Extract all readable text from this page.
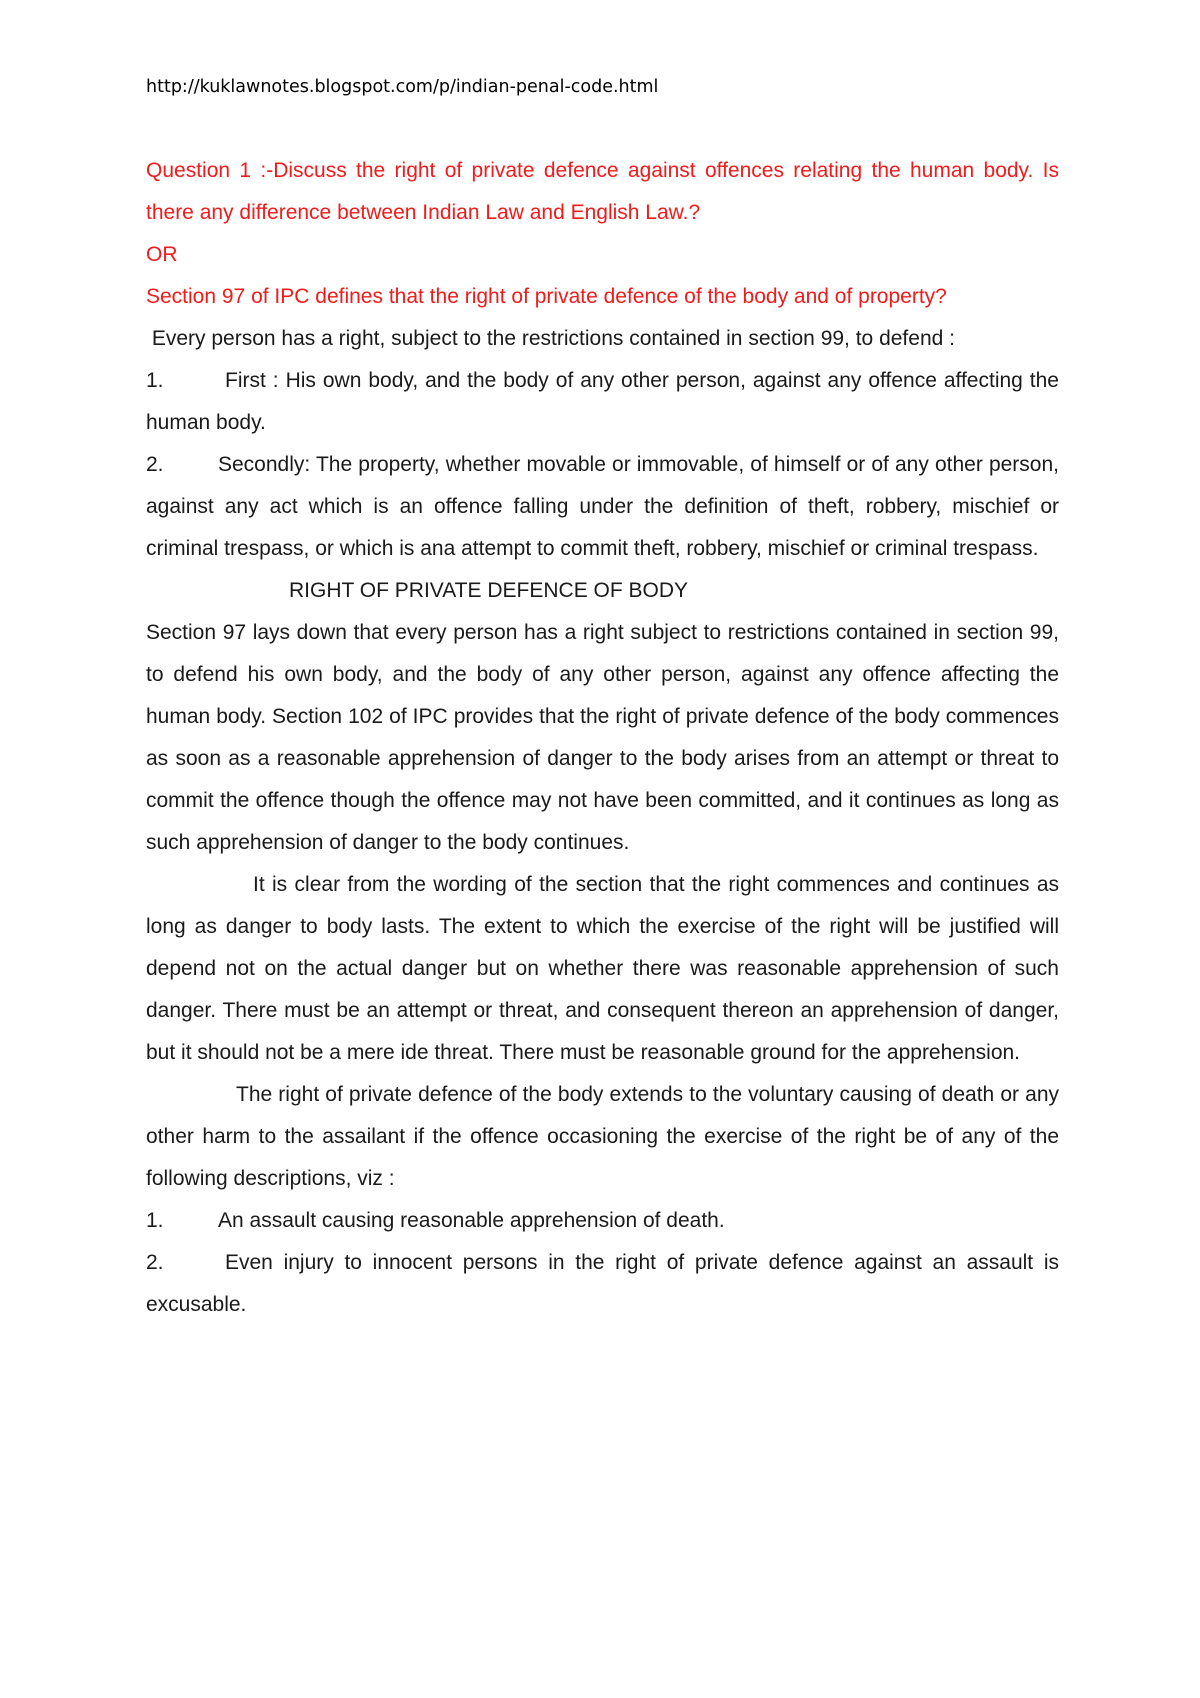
http://kuklawnotes.blogspot.com/p/indian-penal-code.html

Question 1 :-Discuss the right of private defence against offences relating the human body. Is there any difference between Indian Law and English Law.?

OR

Section 97 of IPC defines that the right of private defence of the body and of property?

Every person has a right, subject to the restrictions contained in section 99, to defend :

1.	First : His own body, and the body of any other person, against any offence affecting the human body.

2.	Secondly: The property, whether movable or immovable, of himself or of any other person, against any act which is an offence falling under the definition of theft, robbery, mischief or criminal trespass, or which is ana attempt to commit theft, robbery, mischief or criminal trespass.

RIGHT OF PRIVATE DEFENCE OF BODY

Section 97 lays down that every person has a right subject to restrictions contained in section 99, to defend his own body, and the body of any other person, against any offence affecting the human body. Section 102 of IPC provides that the right of private defence of the body commences as soon as a reasonable apprehension of danger to the body arises from an attempt or threat to commit the offence though the offence may not have been committed, and it continues as long as such apprehension of danger to the body continues.

It is clear from the wording of the section that the right commences and continues as long as danger to body lasts. The extent to which the exercise of the right will be justified will depend not on the actual danger but on whether there was reasonable apprehension of such danger. There must be an attempt or threat, and consequent thereon an apprehension of danger, but it should not be a mere ide threat. There must be reasonable ground for the apprehension.

The right of private defence of the body extends to the voluntary causing of death or any other harm to the assailant if the offence occasioning the exercise of the right be of any of the following descriptions, viz :

1.	An assault causing reasonable apprehension of death.

2.	Even injury to innocent persons in the right of private defence against an assault is excusable.
